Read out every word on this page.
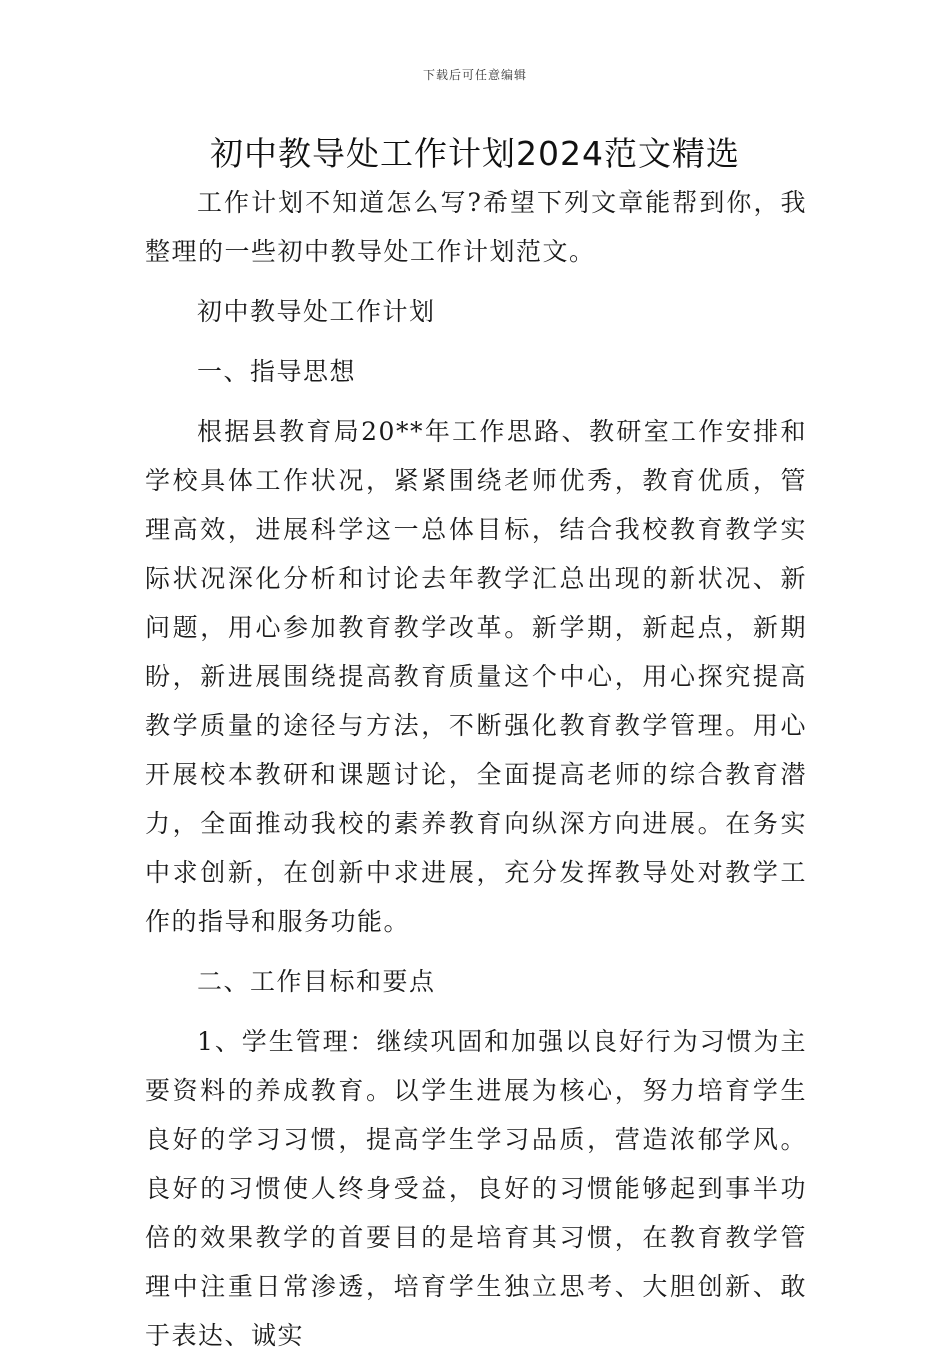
下载后可任意编辑
初中教导处工作计划2024范文精选

工作计划不知道怎么写?希望下列文章能帮到你，我整理的一些初中教导处工作计划范文。

初中教导处工作计划

一、指导思想

根据县教育局20**年工作思路、教研室工作安排和学校具体工作状况，紧紧围绕老师优秀，教育优质，管理高效，进展科学这一总体目标，结合我校教育教学实际状况深化分析和讨论去年教学汇总出现的新状况、新问题，用心参加教育教学改革。新学期，新起点，新期盼，新进展围绕提高教育质量这个中心，用心探究提高教学质量的途径与方法，不断强化教育教学管理。用心开展校本教研和课题讨论，全面提高老师的综合教育潜力，全面推动我校的素养教育向纵深方向进展。在务实中求创新，在创新中求进展，充分发挥教导处对教学工作的指导和服务功能。

二、工作目标和要点

1、学生管理：继续巩固和加强以良好行为习惯为主要资料的养成教育。以学生进展为核心，努力培育学生良好的学习习惯，提高学生学习品质，营造浓郁学风。良好的习惯使人终身受益，良好的习惯能够起到事半功倍的效果教学的首要目的是培育其习惯，在教育教学管理中注重日常渗透，培育学生独立思考、大胆创新、敢于表达、诚实
